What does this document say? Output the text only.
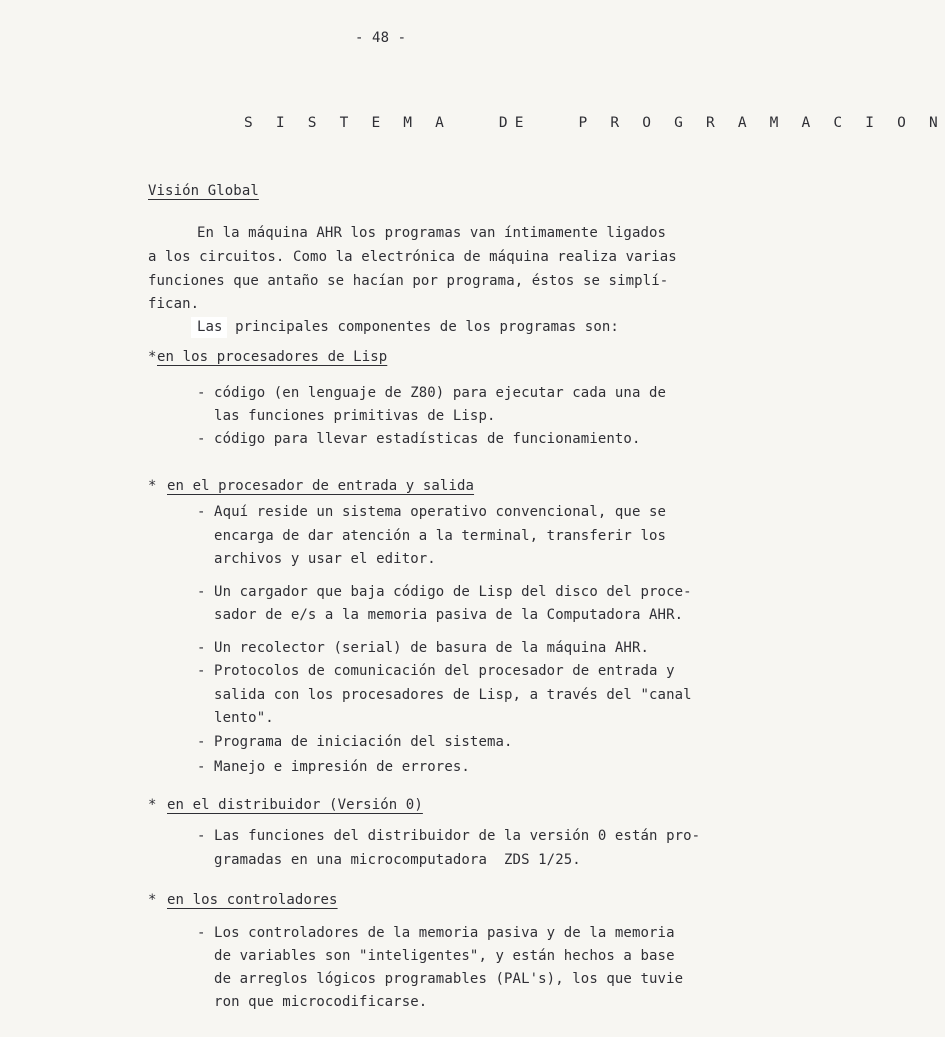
- 48 -
S I S T E M A   DE   P R O G R A M A C I O N
Visión Global
En la máquina AHR los programas van íntimamente ligados
a los circuitos. Como la electrónica de máquina realiza varias
funciones que antaño se hacían por programa, éstos se simplí-
fican.
Las principales componentes de los programas son:
* en los procesadores de Lisp
- código (en lenguaje de Z80) para ejecutar cada una de
las funciones primitivas de Lisp.
- código para llevar estadísticas de funcionamiento.
* en el procesador de entrada y salida
- Aquí reside un sistema operativo convencional, que se
encarga de dar atención a la terminal, transferir los
archivos y usar el editor.
- Un cargador que baja código de Lisp del disco del proce-
sador de e/s a la memoria pasiva de la Computadora AHR.
- Un recolector (serial) de basura de la máquina AHR.
- Protocolos de comunicación del procesador de entrada y
salida con los procesadores de Lisp, a través del "canal
lento".
- Programa de iniciación del sistema.
- Manejo e impresión de errores.
* en el distribuidor (Versión 0)
- Las funciones del distribuidor de la versión 0 están pro-
gramadas en una microcomputadora  ZDS 1/25.
* en los controladores
- Los controladores de la memoria pasiva y de la memoria
de variables son "inteligentes", y están hechos a base
de arreglos lógicos programables (PAL's), los que tuvie
ron que microcodificarse.
